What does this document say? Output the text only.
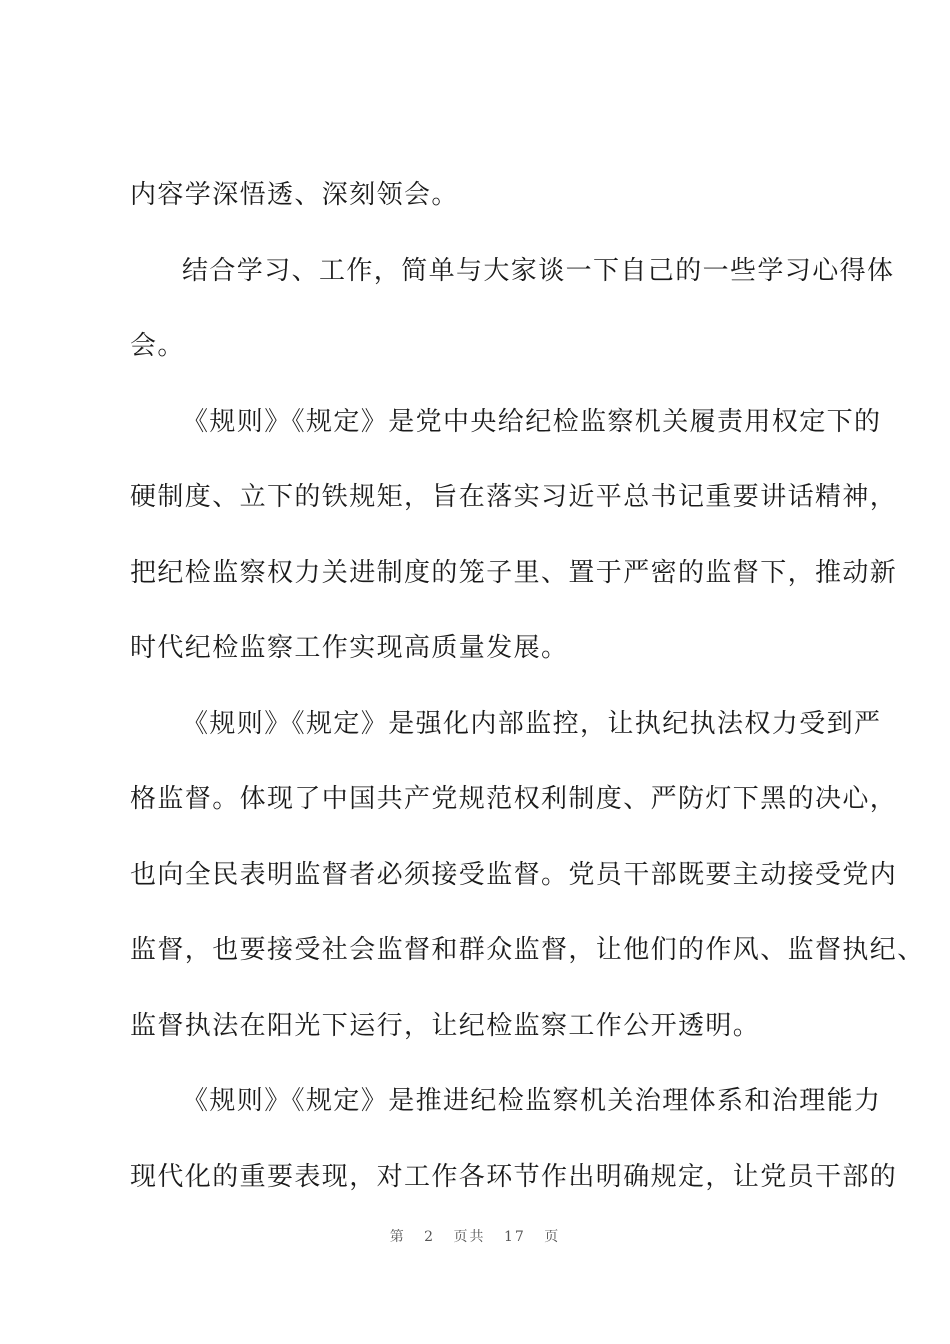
内容学深悟透、深刻领会。
结合学习、工作，简单与大家谈一下自己的一些学习心得体
会。
《规则》《规定》是党中央给纪检监察机关履责用权定下的
硬制度、立下的铁规矩，旨在落实习近平总书记重要讲话精神，
把纪检监察权力关进制度的笼子里、置于严密的监督下，推动新
时代纪检监察工作实现高质量发展。
《规则》《规定》是强化内部监控，让执纪执法权力受到严
格监督。体现了中国共产党规范权利制度、严防灯下黑的决心，
也向全民表明监督者必须接受监督。党员干部既要主动接受党内
监督，也要接受社会监督和群众监督，让他们的作风、监督执纪、
监督执法在阳光下运行，让纪检监察工作公开透明。
《规则》《规定》是推进纪检监察机关治理体系和治理能力
现代化的重要表现，对工作各环节作出明确规定，让党员干部的
第 2 页共 17 页
